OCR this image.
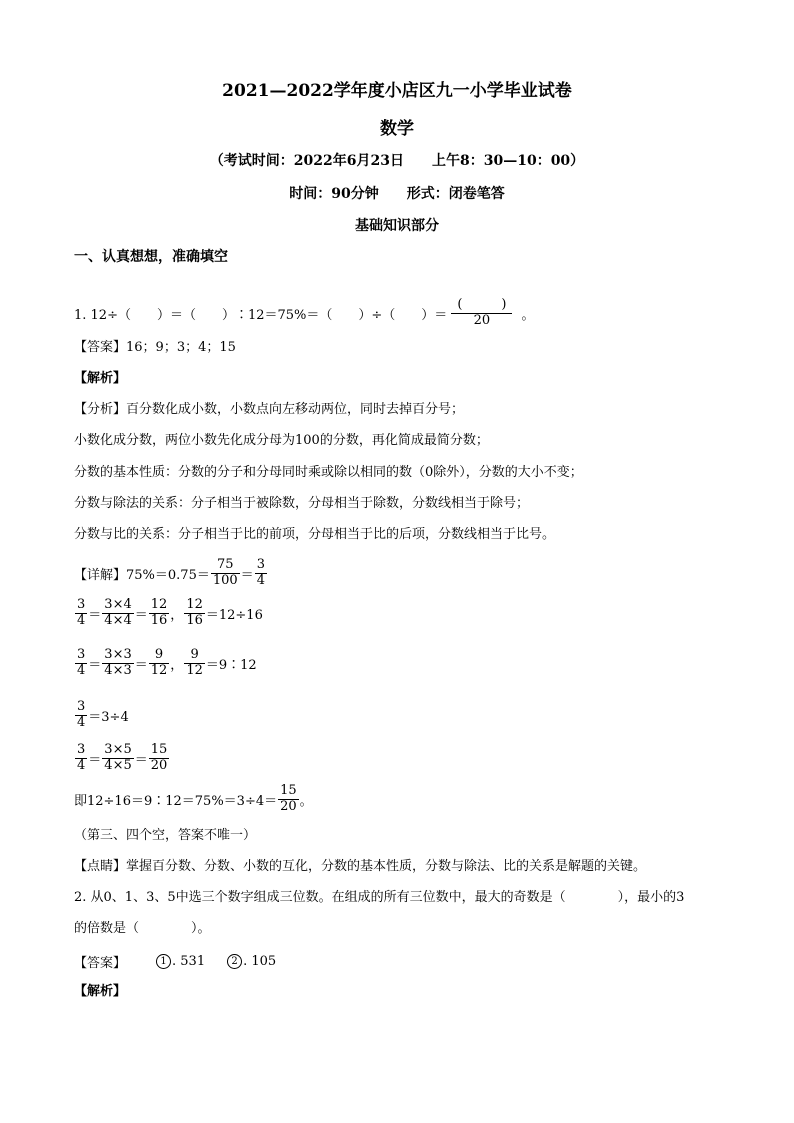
2021—2022学年度小店区九一小学毕业试卷
数学
（考试时间：2022年6月23日　　上午8：30—10：00）
时间：90分钟　　形式：闭卷笔答
基础知识部分
一、认真想想，准确填空
1. 12÷（　　）＝（　　）∶12＝75%＝（　　）÷（　　）＝ $\frac{( )}{20}$ 。
【答案】16；9；3；4；15
【解析】
【分析】百分数化成小数，小数点向左移动两位，同时去掉百分号；
小数化成分数，两位小数先化成分母为100的分数，再化简成最简分数；
分数的基本性质：分数的分子和分母同时乘或除以相同的数（0除外），分数的大小不变；
分数与除法的关系：分子相当于被除数，分母相当于除数，分数线相当于除号；
分数与比的关系：分子相当于比的前项，分母相当于比的后项，分数线相当于比号。
【详解】$75\%=0.75= \frac{75}{100} = \frac{3}{4}$
$\frac{3}{4} = \frac{3\times 4}{4\times 4} = \frac{12}{16}$ ， $\frac{12}{16} =12\div 16$
$\frac{3}{4} = \frac{3\times 3}{4\times 3} = \frac{9}{12}$ ， $\frac{9}{12}$ ＝9∶12
$\frac{3}{4} =3\div 4$
$\frac{3}{4} = \frac{3\times 5}{4\times 5} = \frac{15}{20}$
即12÷16＝9∶12＝75%＝3÷4＝ $\frac{15}{20}$ 。
（第三、四个空，答案不唯一）
【点睛】掌握百分数、分数、小数的互化，分数的基本性质，分数与除法、比的关系是解题的关键。
2. 从0、1、3、5中选三个数字组成三位数。在组成的所有三位数中，最大的奇数是（　　　　），最小的3
的倍数是（　　　　）。
【答案】	1 . 531	2 . 105
【解析】
